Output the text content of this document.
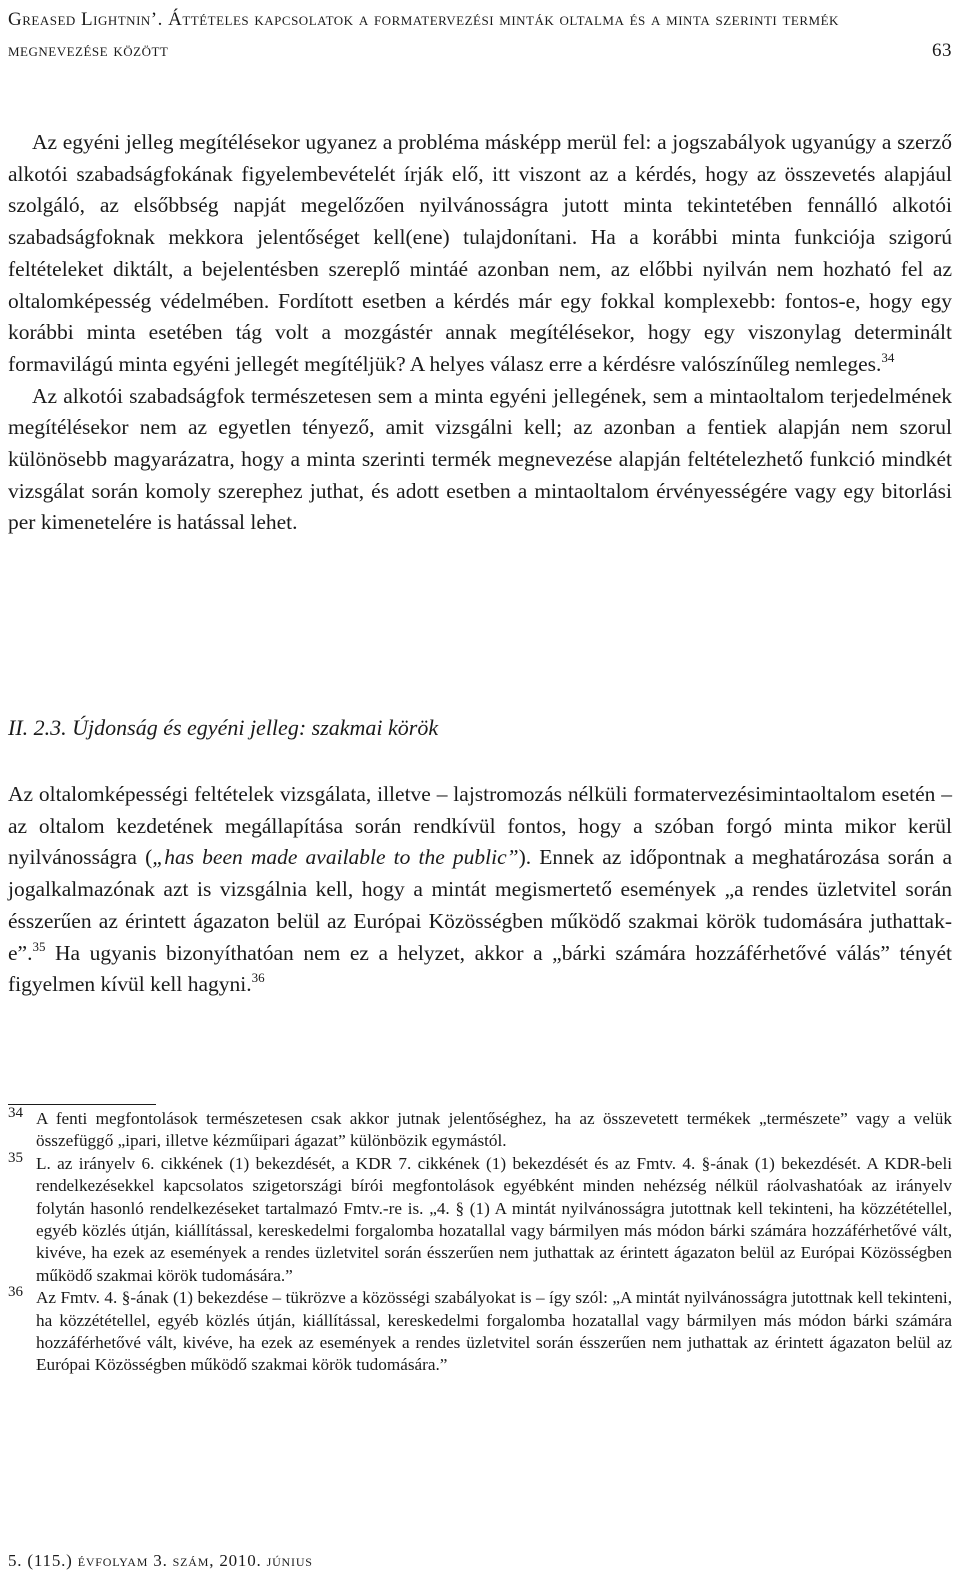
Greased Lightnin’. Áttételes kapcsolatok a formatervezési minták oltalma és a minta szerinti termék megnevezése között	63

Az egyéni jelleg megítélésekor ugyanez a probléma másképp merül fel: a jogszabályok ugyanúgy a szerző alkotói szabadságfokának figyelembevételét írják elő, itt viszont az a kérdés, hogy az összevetés alapjául szolgáló, az elsőbbség napját megelőzően nyilvánosságra jutott minta tekintetében fennálló alkotói szabadságfoknak mekkora jelentőséget kell(ene) tulajdonítani. Ha a korábbi minta funkciója szigorú feltételeket diktált, a bejelentésben szereplő mintáé azonban nem, az előbbi nyilván nem hozható fel az oltalomképesség védelmében. Fordított esetben a kérdés már egy fokkal komplexebb: fontos-e, hogy egy korábbi minta esetében tág volt a mozgástér annak megítélésekor, hogy egy viszonylag determinált formavilágú minta egyéni jellegét megítéljük? A helyes válasz erre a kérdésre valószínűleg nemleges.$^{34}$

Az alkotói szabadságfok természetesen sem a minta egyéni jellegének, sem a mintaoltalom terjedelmének megítélésekor nem az egyetlen tényező, amit vizsgálni kell; az azonban a fentiek alapján nem szorul különösebb magyarázatra, hogy a minta szerinti termék megnevezése alapján feltételezhető funkció mindkét vizsgálat során komoly szerephez juthat, és adott esetben a mintaoltalom érvényességére vagy egy bitorlási per kimenetelére is hatással lehet.

II. 2.3. Újdonság és egyéni jelleg: szakmai körök

Az oltalomképességi feltételek vizsgálata, illetve – lajstromozás nélküli formatervezésimintaoltalom esetén – az oltalom kezdetének megállapítása során rendkívül fontos, hogy a szóban forgó minta mikor kerül nyilvánosságra („has been made available to the public”). Ennek az időpontnak a meghatározása során a jogalkalmazónak azt is vizsgálnia kell, hogy a mintát megismertető események „a rendes üzletvitel során ésszerűen az érintett ágazaton belül az Európai Közösségben működő szakmai körök tudomására juthattak-e”.$^{35}$ Ha ugyanis bizonyíthatóan nem ez a helyzet, akkor a „bárki számára hozzáférhetővé válás” tényét figyelmen kívül kell hagyni.$^{36}$

34 A fenti megfontolások természetesen csak akkor jutnak jelentőséghez, ha az összevetett termékek „természete” vagy a velük összefüggő „ipari, illetve kézműipari ágazat” különbözik egymástól.

35 L. az irányelv 6. cikkének (1) bekezdését, a KDR 7. cikkének (1) bekezdését és az Fmtv. 4. §-ának (1) bekezdését. A KDR-beli rendelkezésekkel kapcsolatos szigetországi bírói megfontolások egyébként minden nehézség nélkül ráolvashatóak az irányelv folytán hasonló rendelkezéseket tartalmazó Fmtv.-re is. „4. § (1) A mintát nyilvánosságra jutottnak kell tekinteni, ha közzététellel, egyéb közlés útján, kiállítással, kereskedelmi forgalomba hozatallal vagy bármilyen más módon bárki számára hozzáférhetővé vált, kivéve, ha ezek az események a rendes üzletvitel során ésszerűen nem juthattak az érintett ágazaton belül az Európai Közösségben működő szakmai körök tudomására.”

36 Az Fmtv. 4. §-ának (1) bekezdése – tükrözve a közösségi szabályokat is – így szól: „A mintát nyilvánosságra jutottnak kell tekinteni, ha közzététellel, egyéb közlés útján, kiállítással, kereskedelmi forgalomba hozatallal vagy bármilyen más módon bárki számára hozzáférhetővé vált, kivéve, ha ezek az események a rendes üzletvitel során ésszerűen nem juthattak az érintett ágazaton belül az Európai Közösségben működő szakmai körök tudomására.”

5. (115.) évfolyam 3. szám, 2010. június
